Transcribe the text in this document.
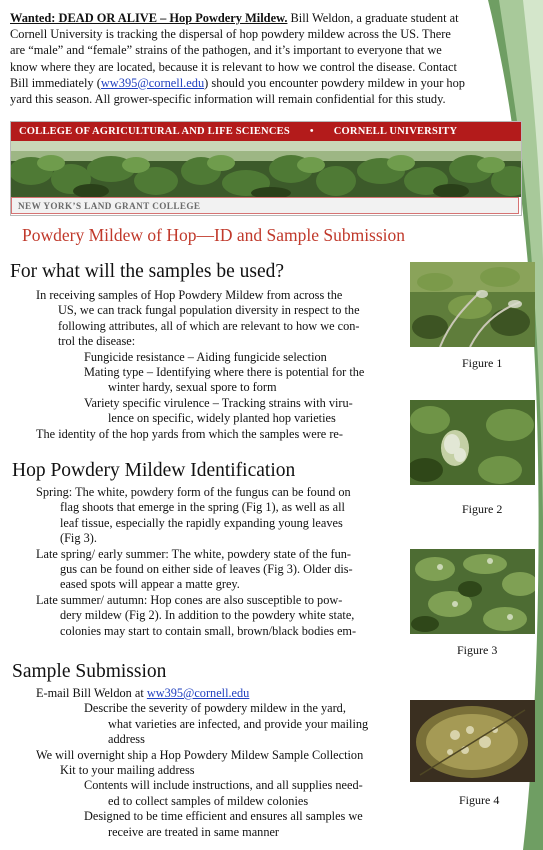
Wanted: DEAD OR ALIVE – Hop Powdery Mildew. Bill Weldon, a graduate student at
Cornell University is tracking the dispersal of hop powdery mildew across the US. There
are “male” and “female” strains of the pathogen, and it’s important to everyone that we
know where they are located, because it is relevant to how we control the disease. Contact
Bill immediately (ww395@cornell.edu) should you encounter powdery mildew in your hop
yard this season. All grower-specific information will remain confidential for this study.
COLLEGE OF AGRICULTURAL AND LIFE SCIENCES • CORNELL UNIVERSITY
NEW YORK’S LAND GRANT COLLEGE
Powdery Mildew of Hop—ID and Sample Submission
For what will the samples be used?
In receiving samples of Hop Powdery Mildew from across the
US, we can track fungal population diversity in respect to the
following attributes, all of which are relevant to how we con-
trol the disease:
Fungicide resistance – Aiding fungicide selection
Mating type – Identifying where there is potential for the
winter hardy, sexual spore to form
Variety specific virulence – Tracking strains with viru-
lence on specific, widely planted hop varieties
The identity of the hop yards from which the samples were re-
Hop Powdery Mildew Identification
Spring: The white, powdery form of the fungus can be found on
flag shoots that emerge in the spring (Fig 1), as well as all
leaf tissue, especially the rapidly expanding young leaves
(Fig 3).
Late spring/ early summer: The white, powdery state of the fun-
gus can be found on either side of leaves (Fig 3). Older dis-
eased spots will appear a matte grey.
Late summer/ autumn: Hop cones are also susceptible to pow-
dery mildew (Fig 2). In addition to the powdery white state,
colonies may start to contain small, brown/black bodies em-
Sample Submission
E-mail Bill Weldon at ww395@cornell.edu
Describe the severity of powdery mildew in the yard,
what varieties are infected, and provide your mailing
address
We will overnight ship a Hop Powdery Mildew Sample Collection
Kit to your mailing address
Contents will include instructions, and all supplies need-
ed to collect samples of mildew colonies
Designed to be time efficient and ensures all samples we
receive are treated in same manner
Figure 1
Figure 2
Figure 3
Figure 4
